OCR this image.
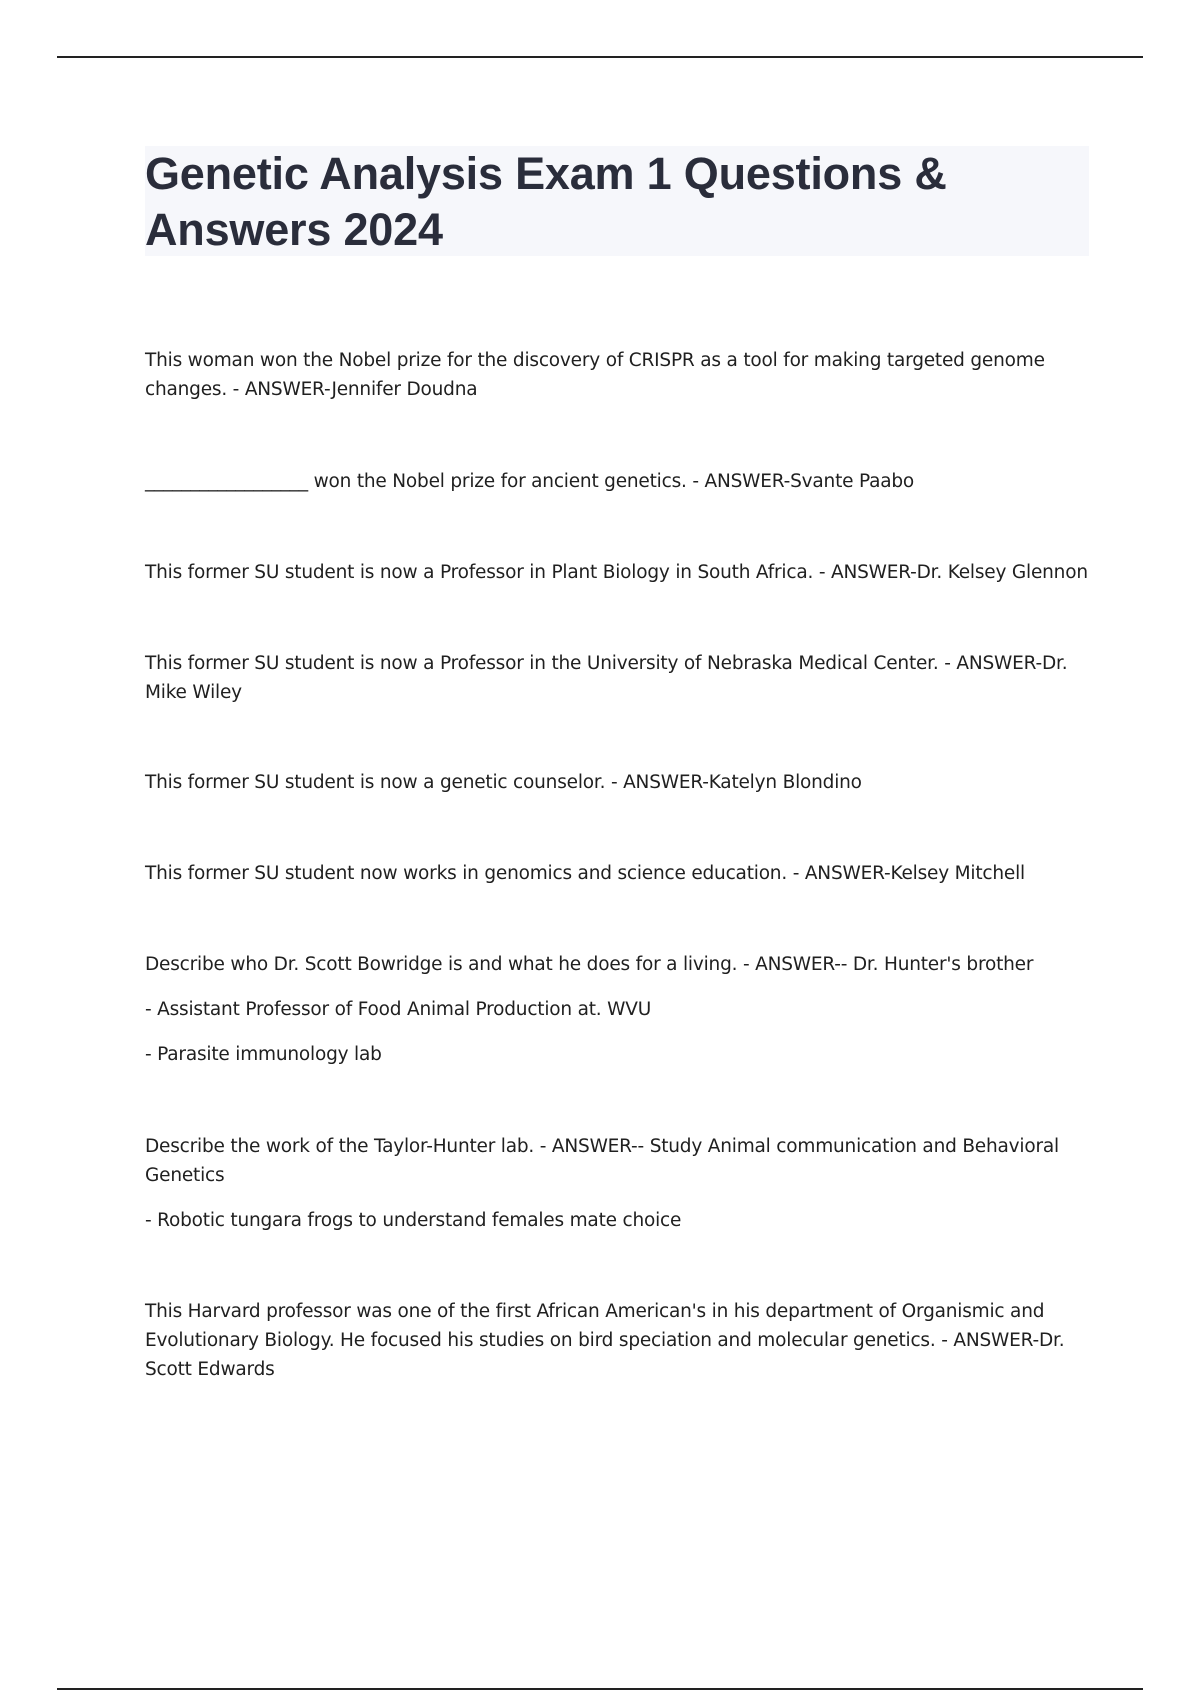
Genetic Analysis Exam 1 Questions &
Answers 2024

This woman won the Nobel prize for the discovery of CRISPR as a tool for making targeted genome

changes. - ANSWER-Jennifer Doudna

__________________ won the Nobel prize for ancient genetics. - ANSWER-Svante Paabo

This former SU student is now a Professor in Plant Biology in South Africa. - ANSWER-Dr. Kelsey Glennon

This former SU student is now a Professor in the University of Nebraska Medical Center. - ANSWER-Dr.

Mike Wiley

This former SU student is now a genetic counselor. - ANSWER-Katelyn Blondino

This former SU student now works in genomics and science education. - ANSWER-Kelsey Mitchell

Describe who Dr. Scott Bowridge is and what he does for a living. - ANSWER-- Dr. Hunter's brother

- Assistant Professor of Food Animal Production at. WVU

- Parasite immunology lab

Describe the work of the Taylor-Hunter lab. - ANSWER-- Study Animal communication and Behavioral

Genetics

- Robotic tungara frogs to understand females mate choice

This Harvard professor was one of the first African American's in his department of Organismic and

Evolutionary Biology. He focused his studies on bird speciation and molecular genetics. - ANSWER-Dr.

Scott Edwards
